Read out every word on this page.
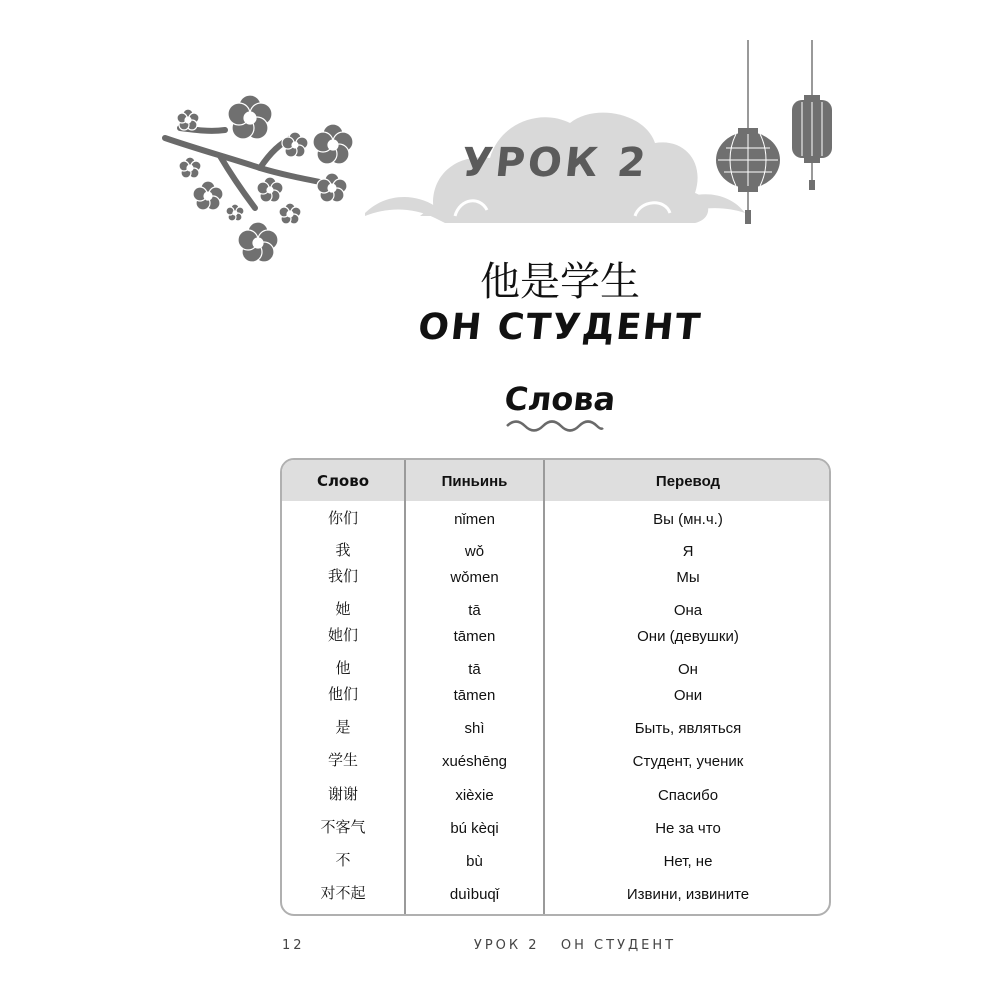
УРОК 2
他是学生
ОН СТУДЕНТ
Слова
Слово	Пиньинь	Перевод
你们	nǐmen	Вы (мн.ч.)
我	wǒ	Я
我们	wǒmen	Мы
她	tā	Она
她们	tāmen	Они (девушки)
他	tā	Он
他们	tāmen	Они
是	shì	Быть, являться
学生	xuéshēng	Студент, ученик
谢谢	xièxie	Спасибо
不客气	bú kèqi	Не за что
不	bù	Нет, не
对不起	duìbuqǐ	Извини, извините
12	УРОК 2   ОН СТУДЕНТ
